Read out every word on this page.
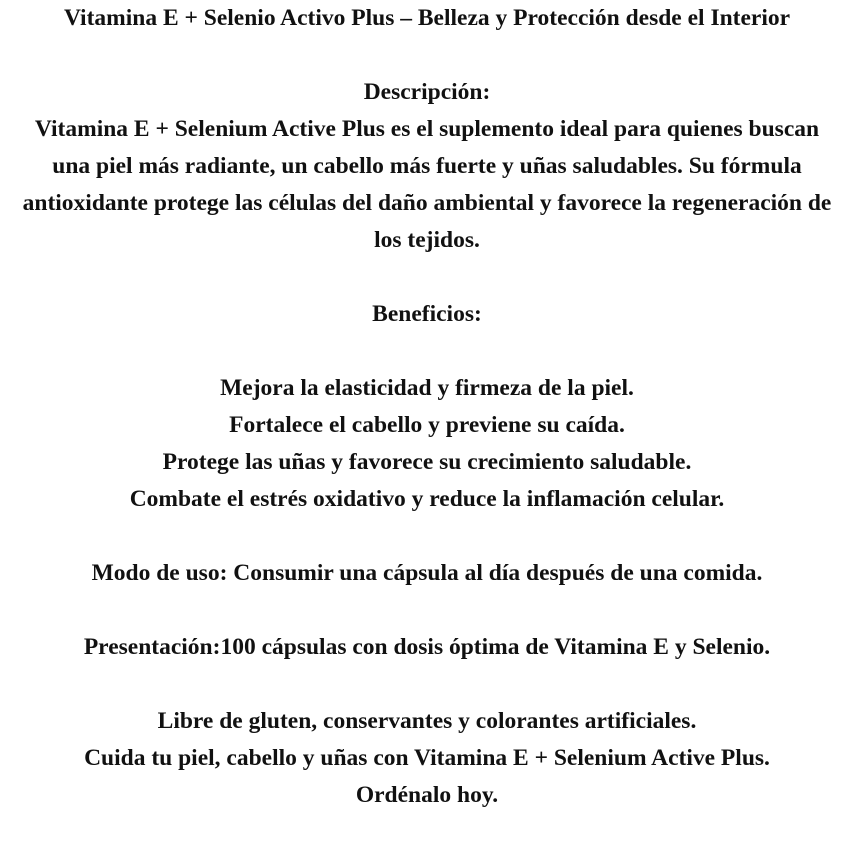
Vitamina E + Selenio Activo Plus – Belleza y Protección desde el Interior

Descripción:

Vitamina E + Selenium Active Plus es el suplemento ideal para quienes buscan una piel más radiante, un cabello más fuerte y uñas saludables. Su fórmula antioxidante protege las células del daño ambiental y favorece la regeneración de los tejidos.

Beneficios:

Mejora la elasticidad y firmeza de la piel.

Fortalece el cabello y previene su caída.

Protege las uñas y favorece su crecimiento saludable.

Combate el estrés oxidativo y reduce la inflamación celular.

Modo de uso: Consumir una cápsula al día después de una comida.

Presentación:100 cápsulas con dosis óptima de Vitamina E y Selenio.

Libre de gluten, conservantes y colorantes artificiales.

Cuida tu piel, cabello y uñas con Vitamina E + Selenium Active Plus.

Ordénalo hoy.
